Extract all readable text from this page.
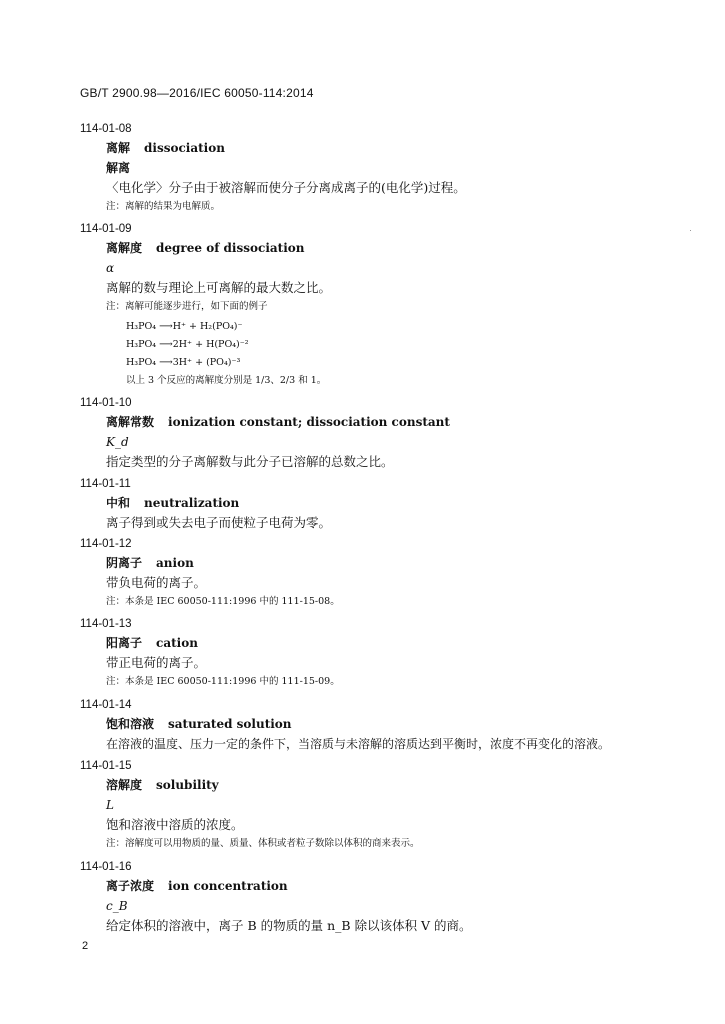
GB/T 2900.98—2016/IEC 60050-114:2014
114-01-08
离解 dissociation
解离
〈电化学〉分子由于被溶解而使分子分离成离子的(电化学)过程。
注：离解的结果为电解质。
114-01-09
离解度 degree of dissociation
α
离解的数与理论上可离解的最大数之比。
注：离解可能逐步进行，如下面的例子
H₃PO₄ ⟶H⁺ + H₂(PO₄)⁻
H₃PO₄ ⟶2H⁺ + H(PO₄)⁻²
H₃PO₄ ⟶3H⁺ + (PO₄)⁻³
以上 3 个反应的离解度分别是 1/3、2/3 和 1。
114-01-10
离解常数 ionization constant; dissociation constant
K_d
指定类型的分子离解数与此分子已溶解的总数之比。
114-01-11
中和 neutralization
离子得到或失去电子而使粒子电荷为零。
114-01-12
阴离子 anion
带负电荷的离子。
注：本条是 IEC 60050-111:1996 中的 111-15-08。
114-01-13
阳离子 cation
带正电荷的离子。
注：本条是 IEC 60050-111:1996 中的 111-15-09。
114-01-14
饱和溶液 saturated solution
在溶液的温度、压力一定的条件下，当溶质与未溶解的溶质达到平衡时，浓度不再变化的溶液。
114-01-15
溶解度 solubility
L
饱和溶液中溶质的浓度。
注：溶解度可以用物质的量、质量、体积或者粒子数除以体积的商来表示。
114-01-16
离子浓度 ion concentration
c_B
给定体积的溶液中，离子 B 的物质的量 n_B 除以该体积 V 的商。
2
